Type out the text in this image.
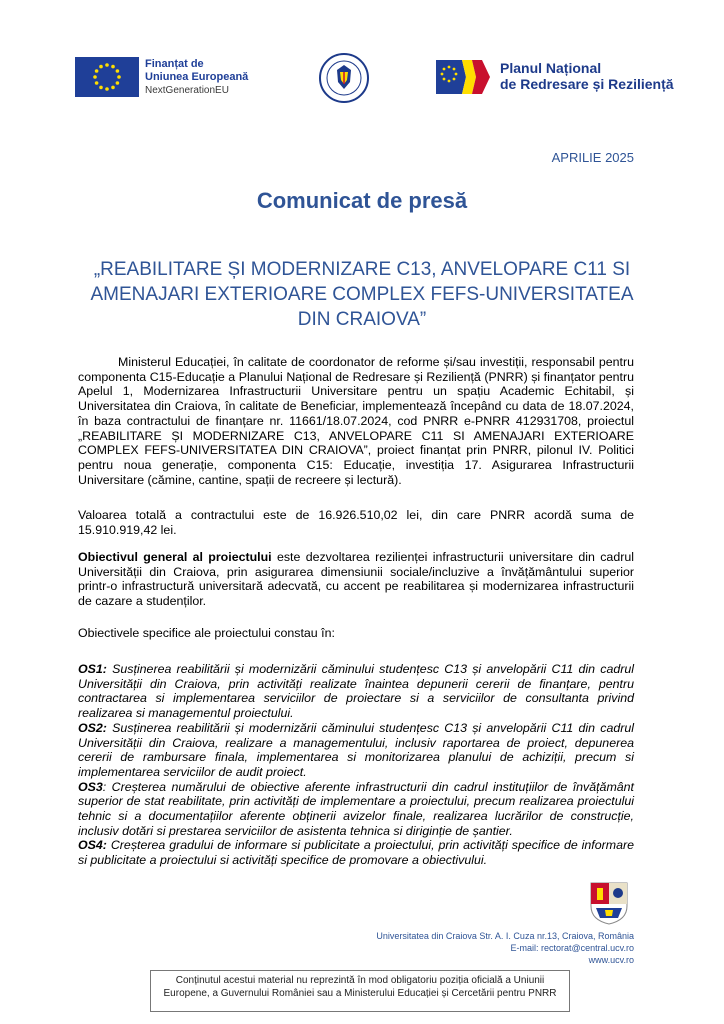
Finanțat de
Uniunea Europeană
NextGenerationEU
Planul Național
de Redresare și Reziliență
APRILIE 2025
Comunicat de presă
„REABILITARE ȘI MODERNIZARE C13, ANVELOPARE C11 SI AMENAJARI EXTERIOARE COMPLEX FEFS-UNIVERSITATEA DIN CRAIOVA”
Ministerul Educației, în calitate de coordonator de reforme și/sau investiții, responsabil pentru componenta C15-Educație a Planului Național de Redresare și Reziliență (PNRR) și finanțator pentru Apelul 1, Modernizarea Infrastructurii Universitare pentru un spațiu Academic Echitabil, și Universitatea din Craiova, în calitate de Beneficiar, implementează începând cu data de 18.07.2024, în baza contractului de finanțare nr. 11661/18.07.2024, cod PNRR e-PNRR 412931708, proiectul „REABILITARE ȘI MODERNIZARE C13, ANVELOPARE C11 SI AMENAJARI EXTERIOARE COMPLEX FEFS-UNIVERSITATEA DIN CRAIOVA”, proiect finanțat prin PNRR, pilonul IV. Politici pentru noua generație, componenta C15: Educație, investiția 17. Asigurarea Infrastructurii Universitare (cămine, cantine, spații de recreere și lectură).
Valoarea totală a contractului este de 16.926.510,02 lei, din care PNRR acordă suma de 15.910.919,42 lei.
Obiectivul general al proiectului este dezvoltarea rezilienței infrastructurii universitare din cadrul Universității din Craiova, prin asigurarea dimensiunii sociale/incluzive a învățământului superior printr-o infrastructură universitară adecvată, cu accent pe reabilitarea și modernizarea infrastructurii de cazare a studenților.
Obiectivele specifice ale proiectului constau în:

OS1: Susținerea reabilitării și modernizării căminului studențesc C13 și anvelopării C11 din cadrul Universității din Craiova, prin activități realizate înaintea depunerii cererii de finanțare, pentru contractarea si implementarea serviciilor de proiectare si a serviciilor de consultanta privind realizarea si managementul proiectului.

OS2: Susținerea reabilitării și modernizării căminului studențesc C13 și anvelopării C11 din cadrul Universității din Craiova, realizare a managementului, inclusiv raportarea de proiect, depunerea cererii de rambursare finala, implementarea si monitorizarea planului de achiziții, precum si implementarea serviciilor de audit proiect.

OS3: Creșterea numărului de obiective aferente infrastructurii din cadrul instituțiilor de învățământ superior de stat reabilitate, prin activități de implementare a proiectului, precum realizarea proiectului tehnic si a documentațiilor aferente obținerii avizelor finale, realizarea lucrărilor de construcție, inclusiv dotări si prestarea serviciilor de asistenta tehnica si diriginție de șantier.

OS4: Creșterea gradului de informare si publicitate a proiectului, prin activități specifice de informare si publicitate a proiectului si activități specifice de promovare a obiectivului.

Universitatea din Craiova Str. A. I. Cuza nr.13, Craiova, România
E-mail: rectorat@central.ucv.ro
www.ucv.ro
Conținutul acestui material nu reprezintă în mod obligatoriu poziția oficială a Uniunii Europene, a Guvernului României sau a Ministerului Educației și Cercetării pentru PNRR
